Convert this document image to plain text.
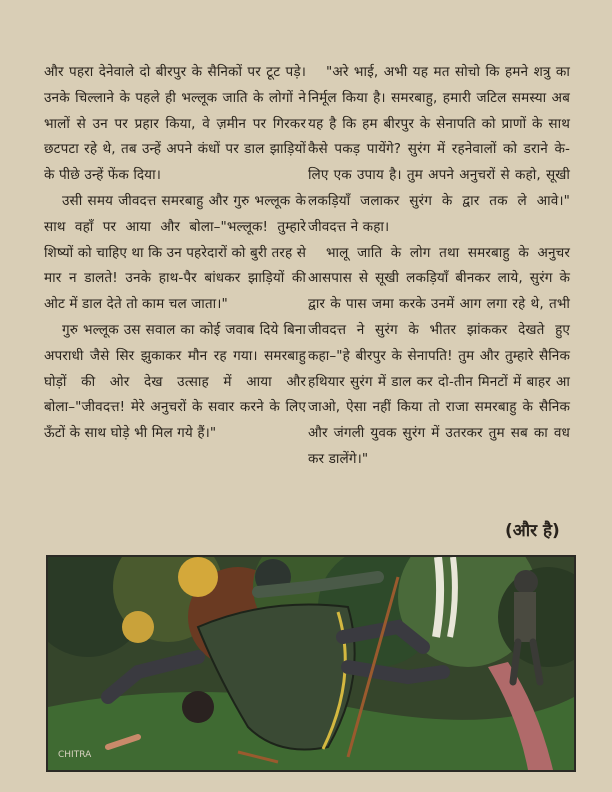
और पहरा देनेवाले दो बीरपुर के सैनिकों पर टूट पड़े। उनके चिल्लाने के पहले ही भल्लूक जाति के लोगों ने भालों से उन पर प्रहार किया, वे ज़मीन पर गिरकर छटपटा रहे थे, तब उन्हें अपने कंधों पर डाल झाड़ियों के पीछे उन्हें फेंक दिया।

उसी समय जीवदत्त समरबाहु और गुरु भल्लूक के साथ वहाँ पर आया और बोला–"भल्लूक! तुम्हारे शिष्यों को चाहिए था कि उन पहरेदारों को बुरी तरह से मार न डालते! उनके हाथ-पैर बांधकर झाड़ियों की ओट में डाल देते तो काम चल जाता।"

गुरु भल्लूक उस सवाल का कोई जवाब दिये बिना अपराधी जैसे सिर झुकाकर मौन रह गया। समरबाहु घोड़ों की ओर देख उत्साह में आया और बोला–"जीवदत्त! मेरे अनुचरों के सवार करने के लिए ऊँटों के साथ घोड़े भी मिल गये हैं।"

"अरे भाई, अभी यह मत सोचो कि हमने शत्रु का निर्मूल किया है। समरबाहु, हमारी जटिल समस्या अब यह है कि हम बीरपुर के सेनापति को प्राणों के साथ कैसे पकड़ पायेंगे? सुरंग में रहनेवालों को डराने के-लिए एक उपाय है। तुम अपने अनुचरों से कहो, सूखी लकड़ियाँ जलाकर सुरंग के द्वार तक ले आवे।" जीवदत्त ने कहा।

भालू जाति के लोग तथा समरबाहु के अनुचर आसपास से सूखी लकड़ियाँ बीनकर लाये, सुरंग के द्वार के पास जमा करके उनमें आग लगा रहे थे, तभी जीवदत्त ने सुरंग के भीतर झांककर देखते हुए कहा–"हे बीरपुर के सेनापति! तुम और तुम्हारे सैनिक हथियार सुरंग में डाल कर दो-तीन मिनटों में बाहर आ जाओ, ऐसा नहीं किया तो राजा समरबाहु के सैनिक और जंगली युवक सुरंग में उतरकर तुम सब का वध कर डालेंगे।"

(और है)
CHITRA
